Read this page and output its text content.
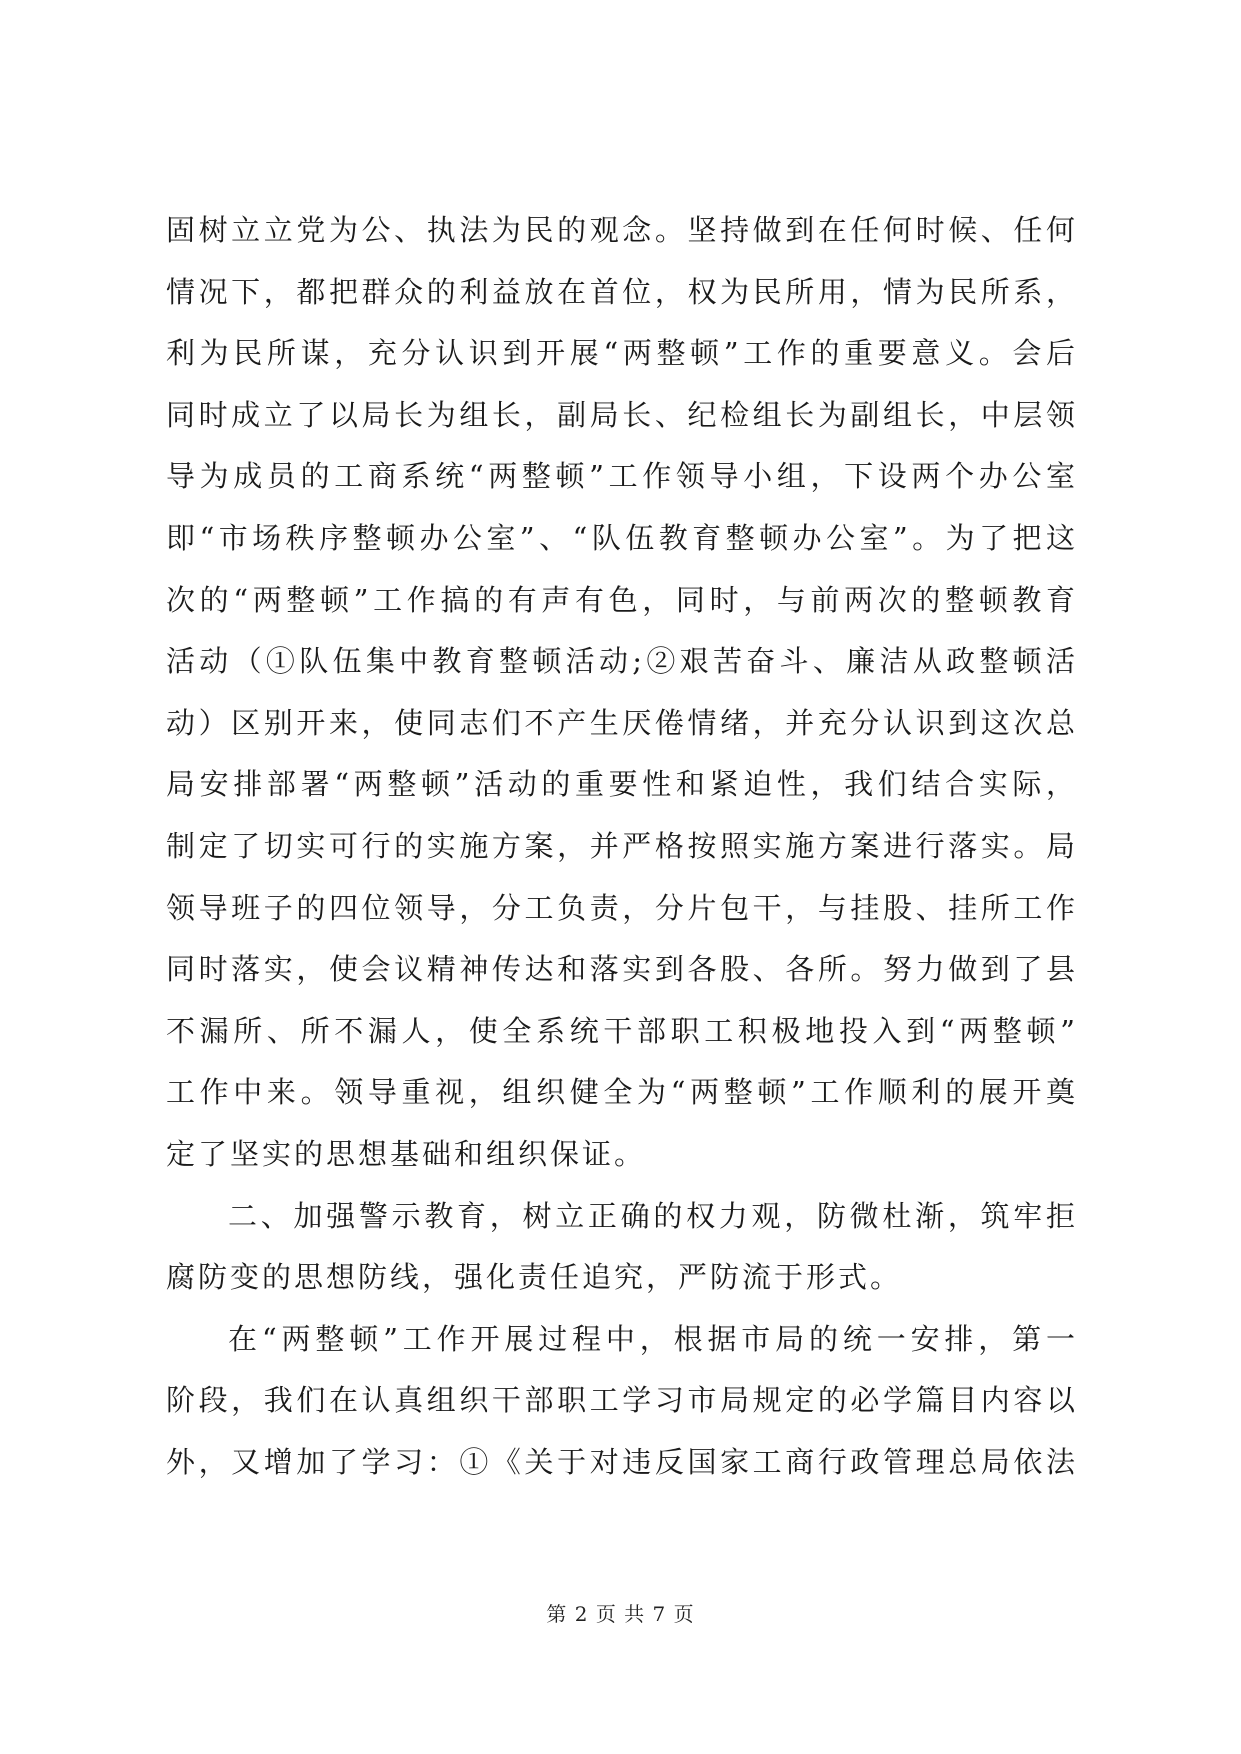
固树立立党为公、执法为民的观念。坚持做到在任何时候、任何
情况下，都把群众的利益放在首位，权为民所用，情为民所系，
利为民所谋，充分认识到开展“两整顿”工作的重要意义。会后
同时成立了以局长为组长，副局长、纪检组长为副组长，中层领
导为成员的工商系统“两整顿”工作领导小组，下设两个办公室
即“市场秩序整顿办公室”、“队伍教育整顿办公室”。为了把这
次的“两整顿”工作搞的有声有色，同时，与前两次的整顿教育
活动（①队伍集中教育整顿活动;②艰苦奋斗、廉洁从政整顿活
动）区别开来，使同志们不产生厌倦情绪，并充分认识到这次总
局安排部署“两整顿”活动的重要性和紧迫性，我们结合实际，
制定了切实可行的实施方案，并严格按照实施方案进行落实。局
领导班子的四位领导，分工负责，分片包干，与挂股、挂所工作
同时落实，使会议精神传达和落实到各股、各所。努力做到了县
不漏所、所不漏人，使全系统干部职工积极地投入到“两整顿”
工作中来。领导重视，组织健全为“两整顿”工作顺利的展开奠
定了坚实的思想基础和组织保证。
二、加强警示教育，树立正确的权力观，防微杜渐，筑牢拒
腐防变的思想防线，强化责任追究，严防流于形式。
在“两整顿”工作开展过程中，根据市局的统一安排，第一
阶段，我们在认真组织干部职工学习市局规定的必学篇目内容以
外，又增加了学习：①《关于对违反国家工商行政管理总局依法
第 2 页 共 7 页
